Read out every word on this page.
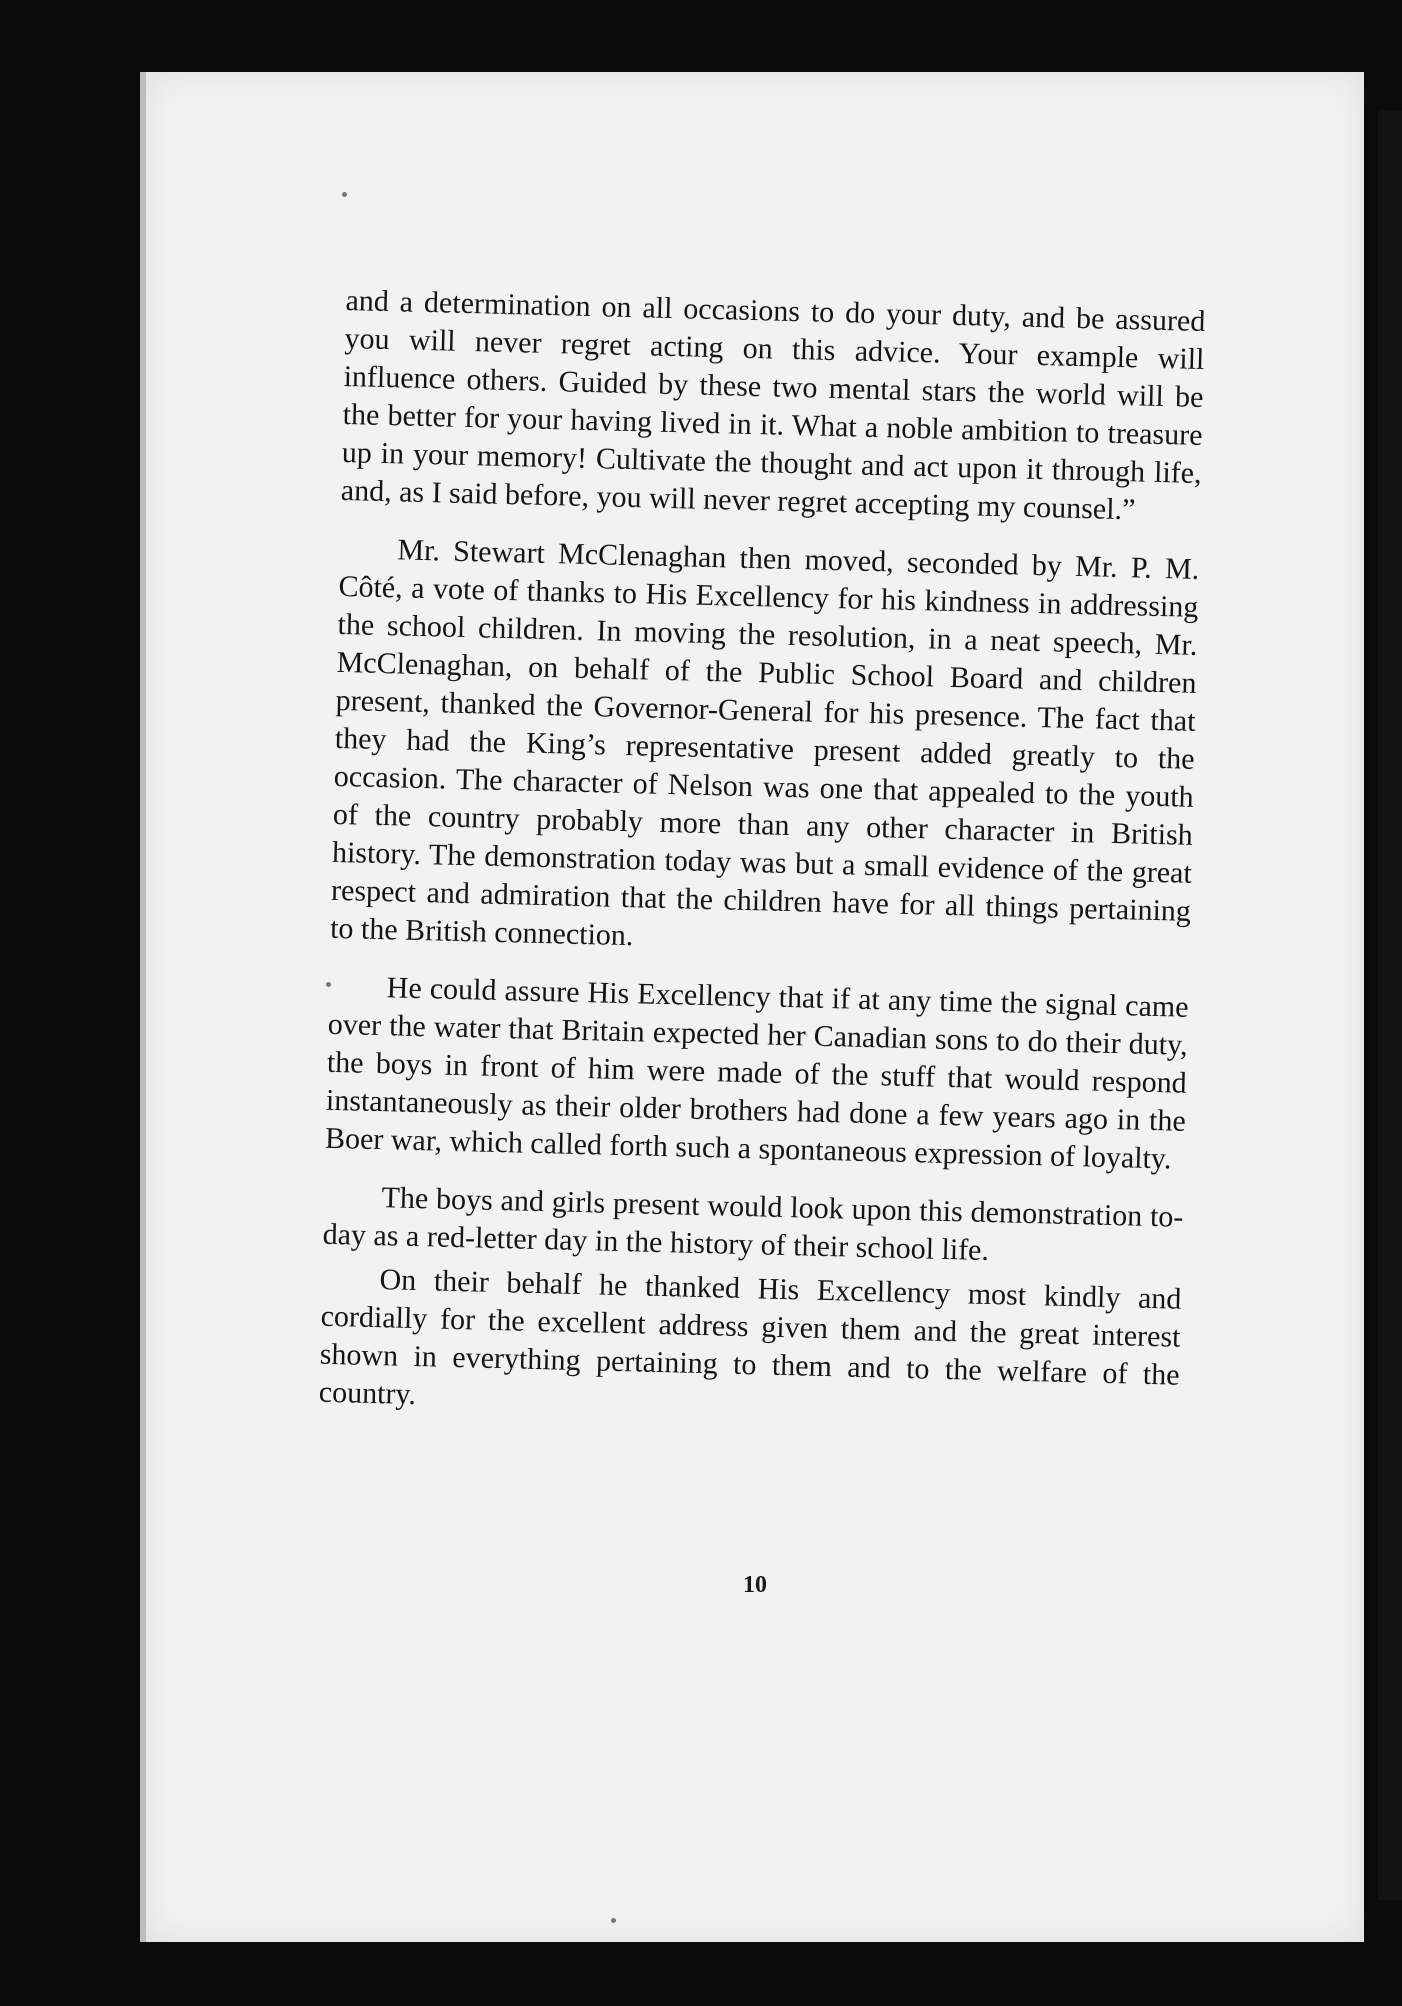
and a determination on all occasions to do your duty, and be assured you will never regret acting on this advice. Your example will influence others. Guided by these two mental stars the world will be the better for your having lived in it. What a noble ambition to treasure up in your memory! Cultivate the thought and act upon it through life, and, as I said before, you will never regret accepting my counsel.”

Mr. Stewart McClenaghan then moved, seconded by Mr. P. M. Côté, a vote of thanks to His Excellency for his kindness in addressing the school children. In moving the resolution, in a neat speech, Mr. McClenaghan, on behalf of the Public School Board and children present, thanked the Governor-General for his presence. The fact that they had the King’s representative present added greatly to the occasion. The character of Nelson was one that appealed to the youth of the country probably more than any other character in British history. The demonstration today was but a small evidence of the great respect and admiration that the children have for all things pertaining to the British connection.

He could assure His Excellency that if at any time the signal came over the water that Britain expected her Canadian sons to do their duty, the boys in front of him were made of the stuff that would respond instantaneously as their older brothers had done a few years ago in the Boer war, which called forth such a spontaneous expression of loyalty.

The boys and girls present would look upon this demonstration to-day as a red-letter day in the history of their school life.

On their behalf he thanked His Excellency most kindly and cordially for the excellent address given them and the great interest shown in everything pertaining to them and to the welfare of the country.

10
